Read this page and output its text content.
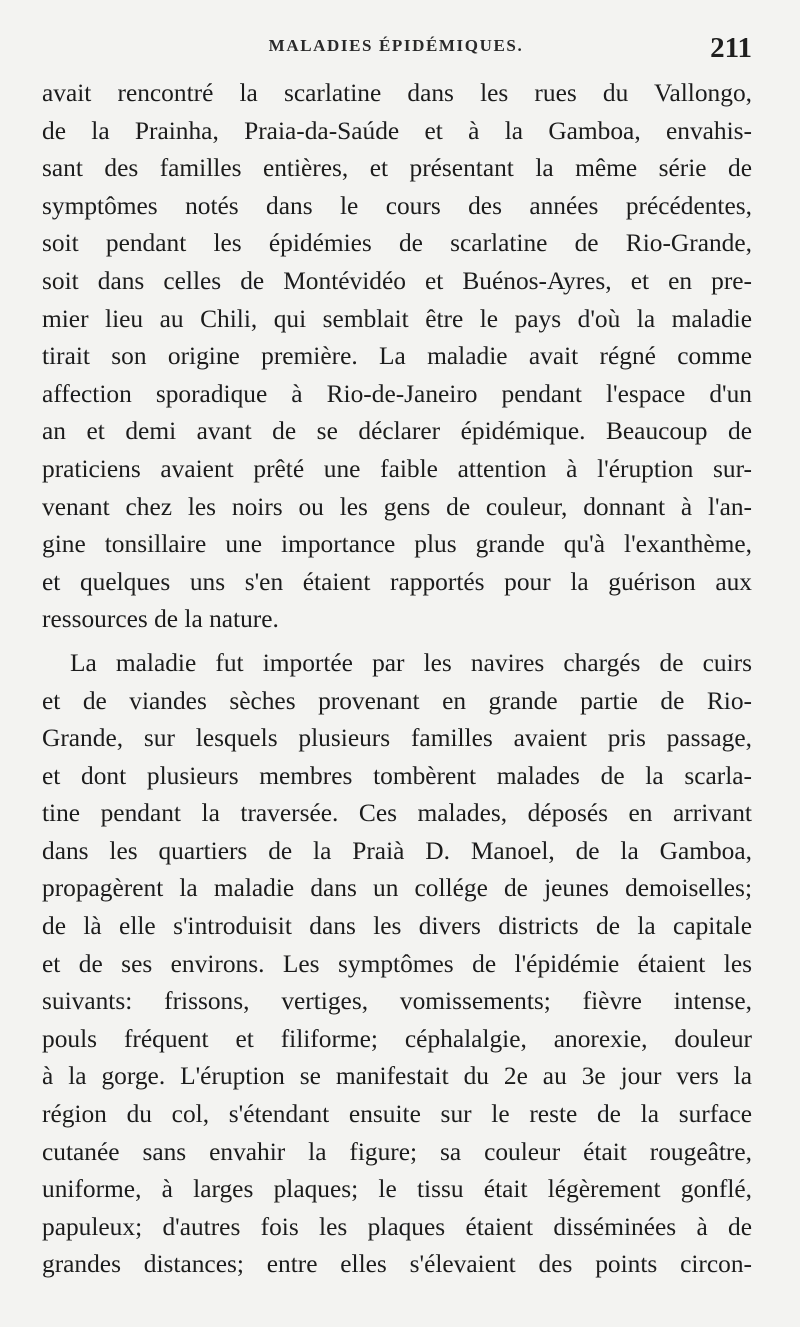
MALADIES ÉPIDÉMIQUES.	211
avait rencontré la scarlatine dans les rues du Vallongo,
de la Prainha, Praia-da-Saúde et à la Gamboa, envahis-
sant des familles entières, et présentant la même série de
symptômes notés dans le cours des années précédentes,
soit pendant les épidémies de scarlatine de Rio-Grande,
soit dans celles de Montévidéo et Buénos-Ayres, et en pre-
mier lieu au Chili, qui semblait être le pays d'où la maladie
tirait son origine première. La maladie avait régné comme
affection sporadique à Rio-de-Janeiro pendant l'espace d'un
an et demi avant de se déclarer épidémique. Beaucoup de
praticiens avaient prêté une faible attention à l'éruption sur-
venant chez les noirs ou les gens de couleur, donnant à l'an-
gine tonsillaire une importance plus grande qu'à l'exanthème,
et quelques uns s'en étaient rapportés pour la guérison aux
ressources de la nature.
La maladie fut importée par les navires chargés de cuirs
et de viandes sèches provenant en grande partie de Rio-
Grande, sur lesquels plusieurs familles avaient pris passage,
et dont plusieurs membres tombèrent malades de la scarla-
tine pendant la traversée. Ces malades, déposés en arrivant
dans les quartiers de la Praià D. Manoel, de la Gamboa,
propagèrent la maladie dans un collége de jeunes demoiselles;
de là elle s'introduisit dans les divers districts de la capitale
et de ses environs. Les symptômes de l'épidémie étaient les
suivants: frissons, vertiges, vomissements; fièvre intense,
pouls fréquent et filiforme; céphalalgie, anorexie, douleur
à la gorge. L'éruption se manifestait du 2e au 3e jour vers la
région du col, s'étendant ensuite sur le reste de la surface
cutanée sans envahir la figure; sa couleur était rougeâtre,
uniforme, à larges plaques; le tissu était légèrement gonflé,
papuleux; d'autres fois les plaques étaient disséminées à de
grandes distances; entre elles s'élevaient des points circon-
